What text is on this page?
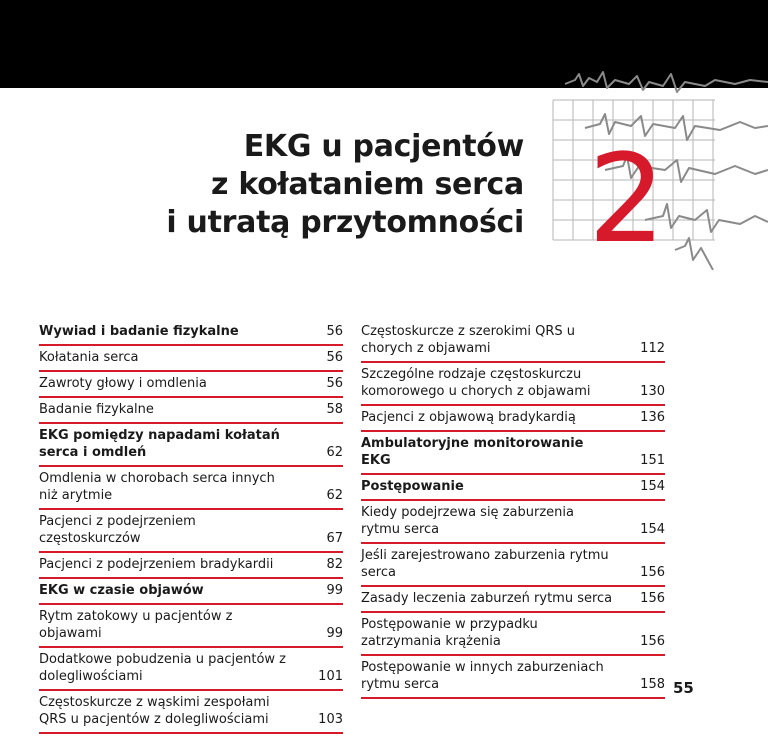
2
EKG u pacjentów
z kołataniem serca
i utratą przytomności
Wywiad i badanie fizykalne	56
Kołatania serca	56
Zawroty głowy i omdlenia	56
Badanie fizykalne	58
EKG pomiędzy napadami kołatań serca i omdleń	62
Omdlenia w chorobach serca innych niż arytmie	62
Pacjenci z podejrzeniem częstoskurczów	67
Pacjenci z podejrzeniem bradykardii	82
EKG w czasie objawów	99
Rytm zatokowy u pacjentów z objawami	99
Dodatkowe pobudzenia u pacjentów z dolegliwościami	101
Częstoskurcze z wąskimi zespołami QRS u pacjentów z dolegliwościami	103
Częstoskurcze z szerokimi QRS u chorych z objawami	112
Szczególne rodzaje częstoskurczu komorowego u chorych z objawami	130
Pacjenci z objawową bradykardią	136
Ambulatoryjne monitorowanie EKG	151
Postępowanie	154
Kiedy podejrzewa się zaburzenia rytmu serca	154
Jeśli zarejestrowano zaburzenia rytmu serca	156
Zasady leczenia zaburzeń rytmu serca 156
Postępowanie w przypadku zatrzymania krążenia	156
Postępowanie w innych zaburzeniach rytmu serca	158 55
